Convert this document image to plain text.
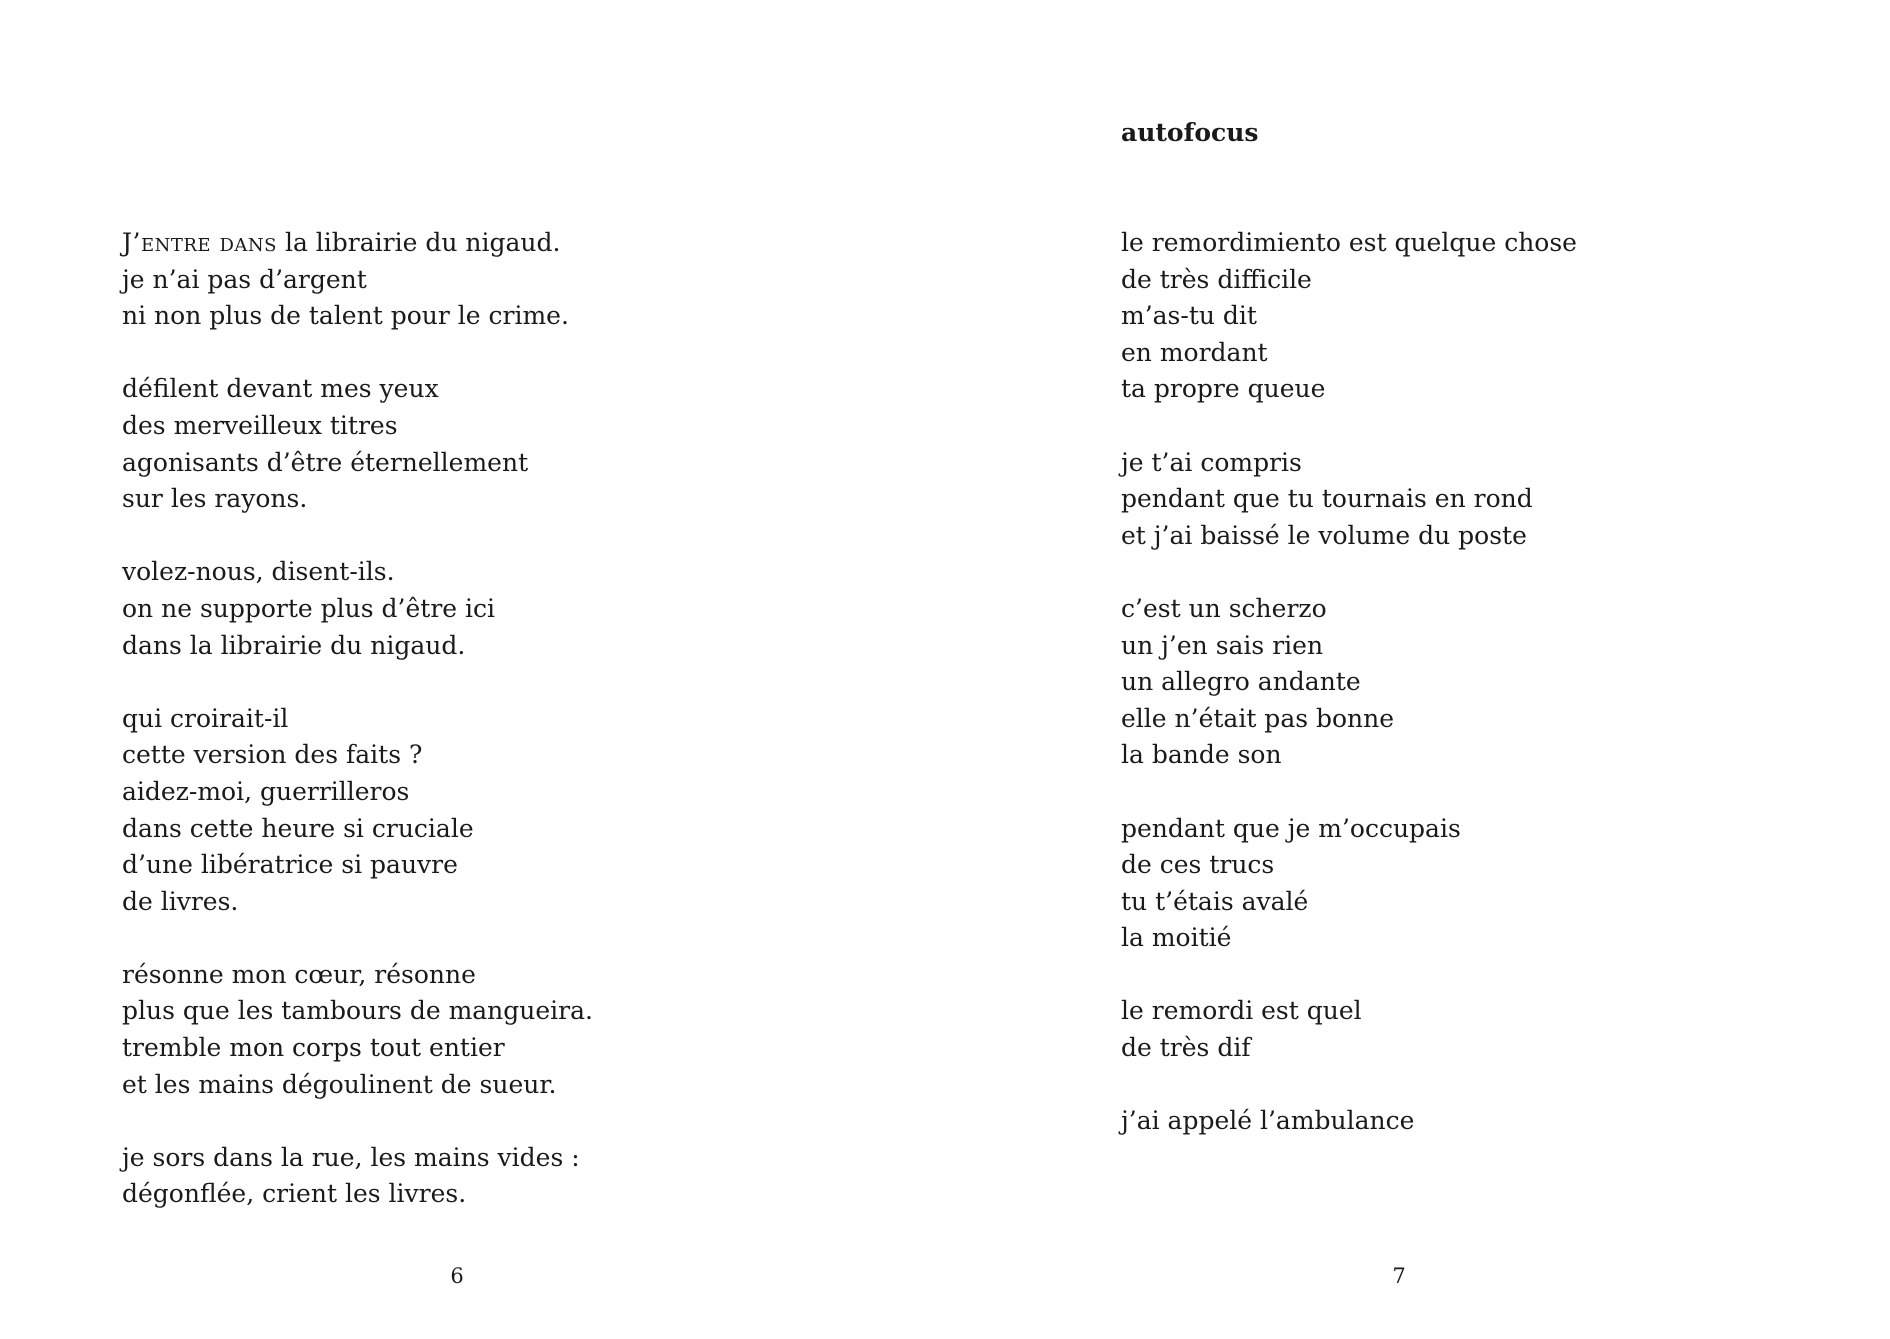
J’entre dans la librairie du nigaud.
je n’ai pas d’argent
ni non plus de talent pour le crime.
défilent devant mes yeux
des merveilleux titres
agonisants d’être éternellement
sur les rayons.
volez-nous, disent-ils.
on ne supporte plus d’être ici
dans la librairie du nigaud.
qui croirait-il
cette version des faits ?
aidez-moi, guerrilleros
dans cette heure si cruciale
d’une libératrice si pauvre
de livres.
résonne mon cœur, résonne
plus que les tambours de mangueira.
tremble mon corps tout entier
et les mains dégoulinent de sueur.
je sors dans la rue, les mains vides :
dégonflée, crient les livres.
6
autofocus
le remordimiento est quelque chose
de très difficile
m’as-tu dit
en mordant
ta propre queue
je t’ai compris
pendant que tu tournais en rond
et j’ai baissé le volume du poste
c’est un scherzo
un j’en sais rien
un allegro andante
elle n’était pas bonne
la bande son
pendant que je m’occupais
de ces trucs
tu t’étais avalé
la moitié
le remordi est quel
de très dif
j’ai appelé l’ambulance
7
